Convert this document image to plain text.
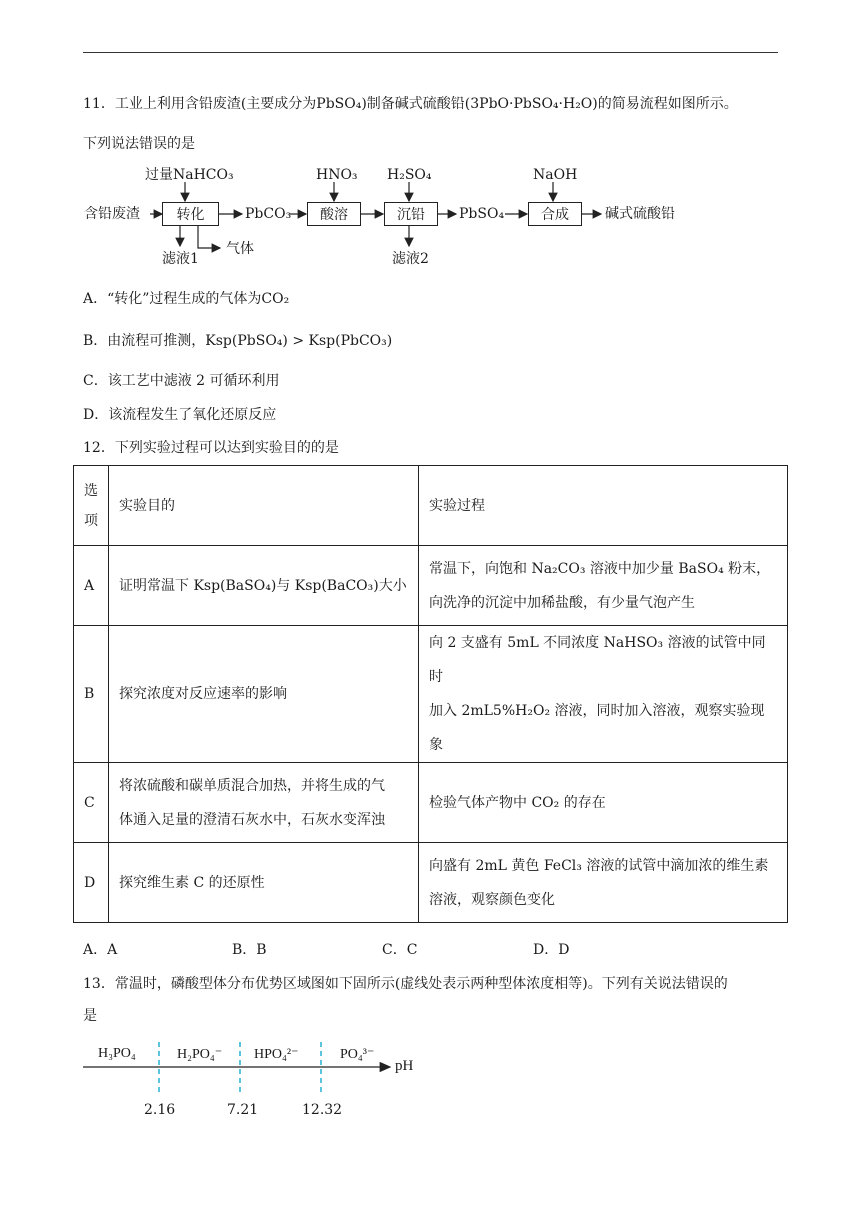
11．工业上利用含铅废渣(主要成分为PbSO₄)制备碱式硫酸铅(3PbO·PbSO₄·H₂O)的简易流程如图所示。
下列说法错误的是
含铅废渣	转化
过量NaHCO₃
滤液1
气体
PbCO₃	酸溶
HNO₃
沉铅
H₂SO₄
滤液2
PbSO₄	合成
NaOH
碱式硫酸铅
A．“转化”过程生成的气体为CO₂
B．由流程可推测，Ksp(PbSO₄) > Ksp(PbCO₃)
C．该工艺中滤液 2 可循环利用
D．该流程发生了氧化还原反应
12．下列实验过程可以达到实验目的的是
选项	实验目的	实验过程
A	证明常温下 Ksp(BaSO₄)与 Ksp(BaCO₃)大小	常温下，向饱和 Na₂CO₃ 溶液中加少量 BaSO₄ 粉末，
向洗净的沉淀中加稀盐酸，有少量气泡产生

B	探究浓度对反应速率的影响	向 2 支盛有 5mL 不同浓度 NaHSO₃ 溶液的试管中同时
加入 2mL5%H₂O₂ 溶液，同时加入溶液，观察实验现
象

C	将浓硫酸和碳单质混合加热，并将生成的气
体通入足量的澄清石灰水中，石灰水变浑浊	检验气体产物中 CO₂ 的存在
D	探究维生素 C 的还原性	向盛有 2mL 黄色 FeCl₃ 溶液的试管中滴加浓的维生素
溶液，观察颜色变化
A．A	B．B	C．C	D．D
13．常温时，磷酸型体分布优势区域图如下固所示(虚线处表示两种型体浓度相等)。下列有关说法错误的
是
H₃PO₄	H₂PO₄⁻ HPO₄²⁻	PO₄³⁻
pH
2.16	7.21	12.32
